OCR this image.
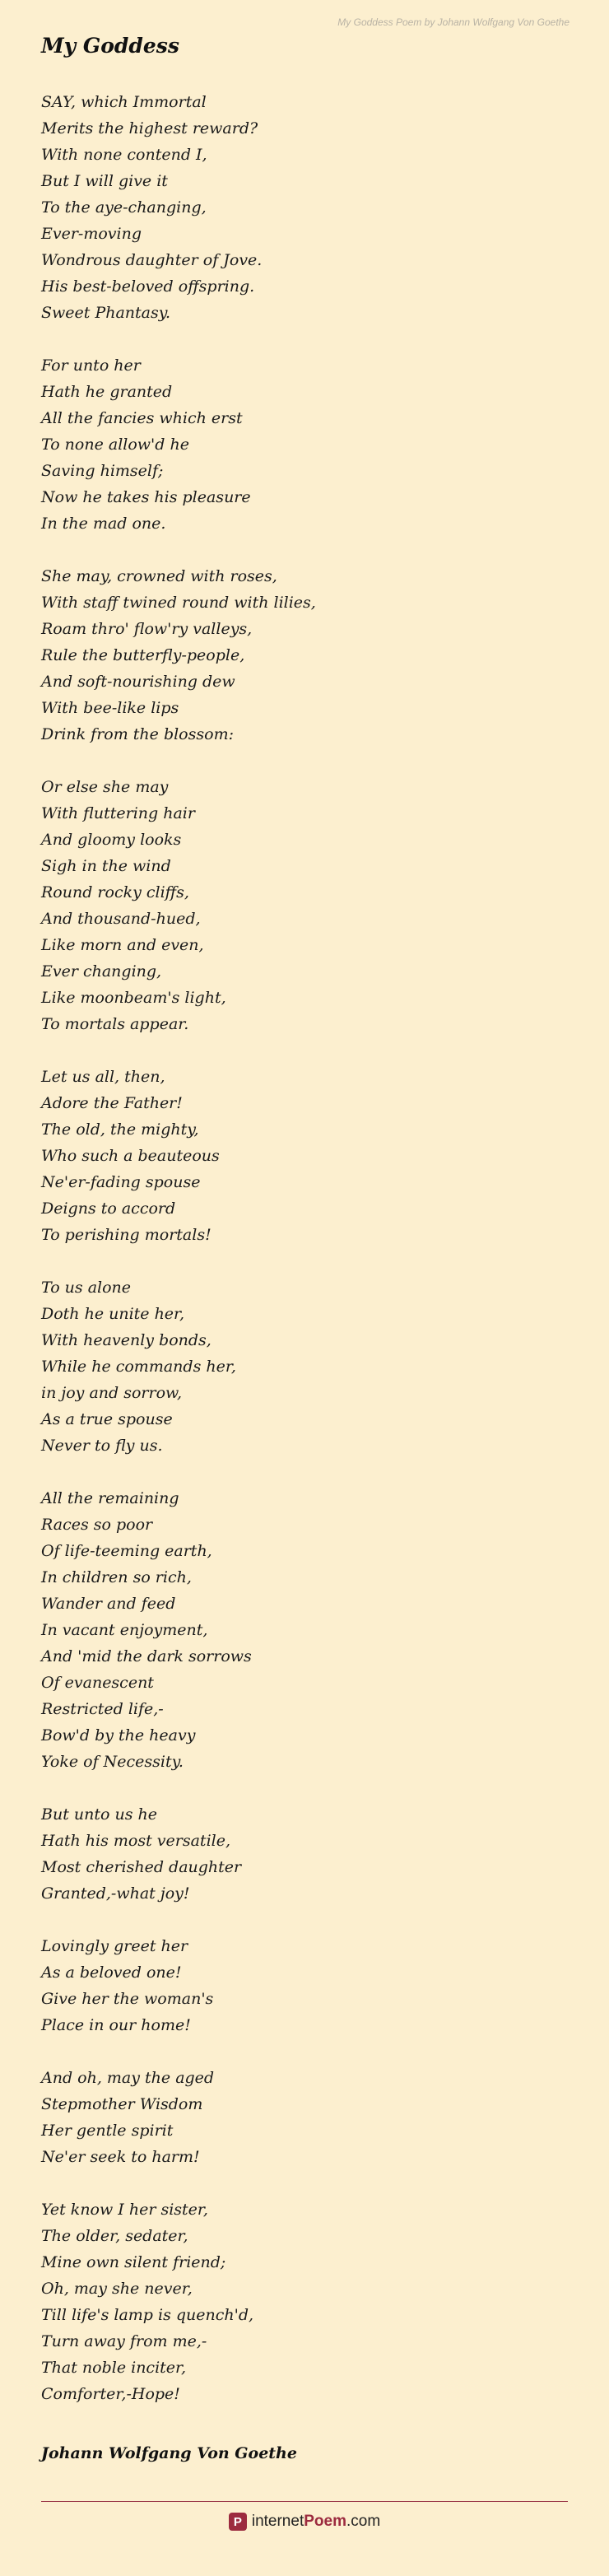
My Goddess Poem by Johann Wolfgang Von Goethe
My Goddess
SAY, which Immortal
Merits the highest reward?
With none contend I,
But I will give it
To the aye-changing,
Ever-moving
Wondrous daughter of Jove.
His best-beloved offspring.
Sweet Phantasy.
For unto her
Hath he granted
All the fancies which erst
To none allow'd he
Saving himself;
Now he takes his pleasure
In the mad one.
She may, crowned with roses,
With staff twined round with lilies,
Roam thro' flow'ry valleys,
Rule the butterfly-people,
And soft-nourishing dew
With bee-like lips
Drink from the blossom:
Or else she may
With fluttering hair
And gloomy looks
Sigh in the wind
Round rocky cliffs,
And thousand-hued,
Like morn and even,
Ever changing,
Like moonbeam's light,
To mortals appear.
Let us all, then,
Adore the Father!
The old, the mighty,
Who such a beauteous
Ne'er-fading spouse
Deigns to accord
To perishing mortals!
To us alone
Doth he unite her,
With heavenly bonds,
While he commands her,
in joy and sorrow,
As a true spouse
Never to fly us.
All the remaining
Races so poor
Of life-teeming earth,
In children so rich,
Wander and feed
In vacant enjoyment,
And 'mid the dark sorrows
Of evanescent
Restricted life,-
Bow'd by the heavy
Yoke of Necessity.
But unto us he
Hath his most versatile,
Most cherished daughter
Granted,-what joy!
Lovingly greet her
As a beloved one!
Give her the woman's
Place in our home!
And oh, may the aged
Stepmother Wisdom
Her gentle spirit
Ne'er seek to harm!
Yet know I her sister,
The older, sedater,
Mine own silent friend;
Oh, may she never,
Till life's lamp is quench'd,
Turn away from me,-
That noble inciter,
Comforter,-Hope!
Johann Wolfgang Von Goethe
P internetPoem.com
